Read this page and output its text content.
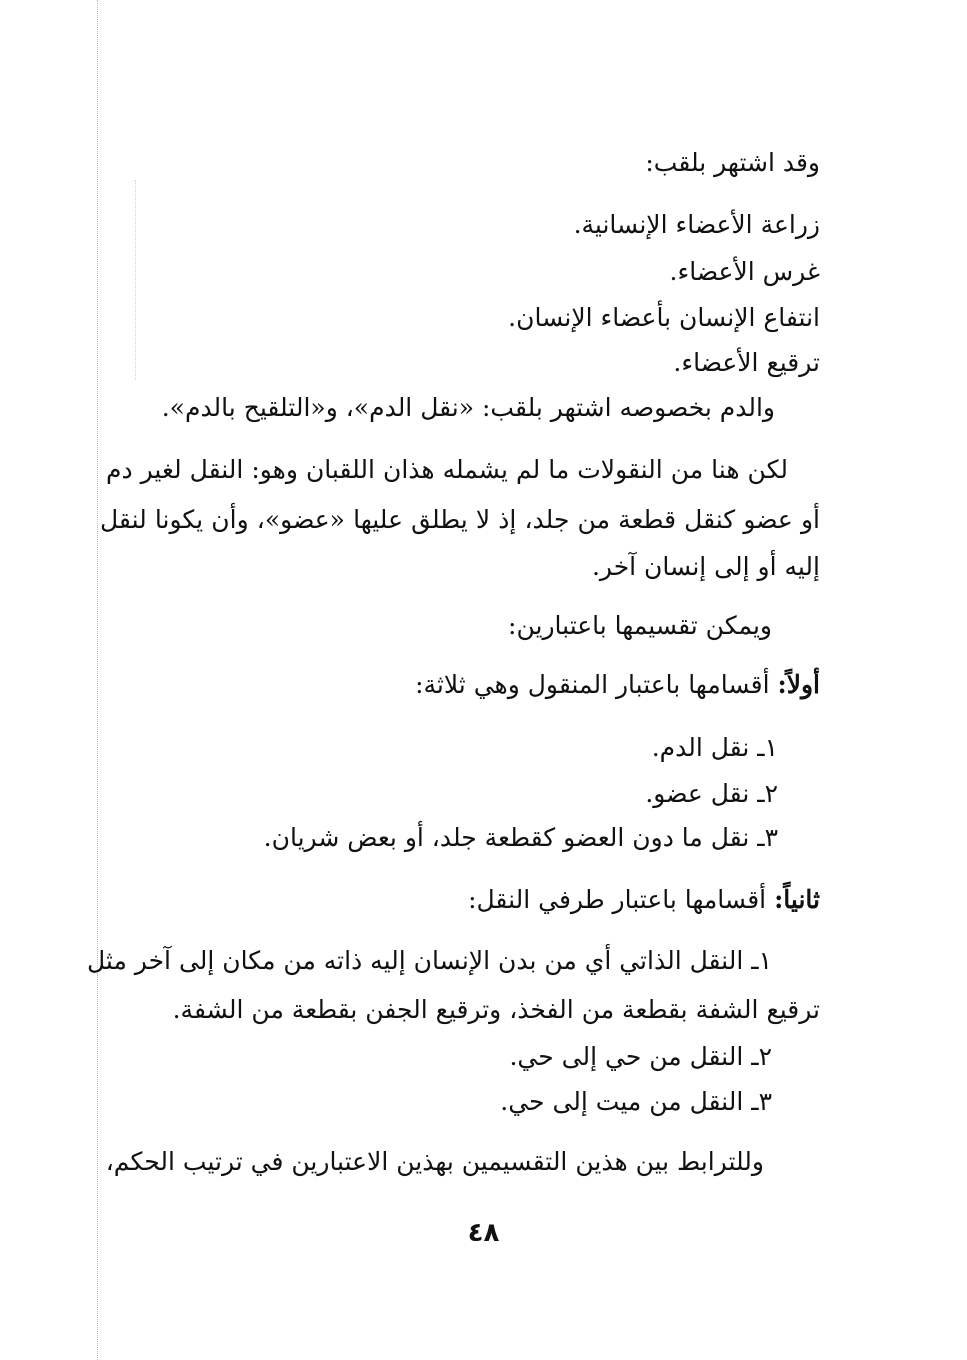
وقد اشتهر بلقب:
زراعة الأعضاء الإنسانية.
غرس الأعضاء.
انتفاع الإنسان بأعضاء الإنسان.
ترقيع الأعضاء.
والدم بخصوصه اشتهر بلقب: «نقل الدم»، و«التلقيح بالدم».
لكن هنا من النقولات ما لم يشمله هذان اللقبان وهو: النقل لغير دم
أو عضو كنقل قطعة من جلد، إذ لا يطلق عليها «عضو»، وأن يكونا لنقل
إليه أو إلى إنسان آخر.
ويمكن تقسيمها باعتبارين:
أولاً: أقسامها باعتبار المنقول وهي ثلاثة:
١ـ نقل الدم.
٢ـ نقل عضو.
٣ـ نقل ما دون العضو كقطعة جلد، أو بعض شريان.
ثانياً: أقسامها باعتبار طرفي النقل:
١ـ النقل الذاتي أي من بدن الإنسان إليه ذاته من مكان إلى آخر مثل
ترقيع الشفة بقطعة من الفخذ، وترقيع الجفن بقطعة من الشفة.
٢ـ النقل من حي إلى حي.
٣ـ النقل من ميت إلى حي.
وللترابط بين هذين التقسيمين بهذين الاعتبارين في ترتيب الحكم،
٤٨
